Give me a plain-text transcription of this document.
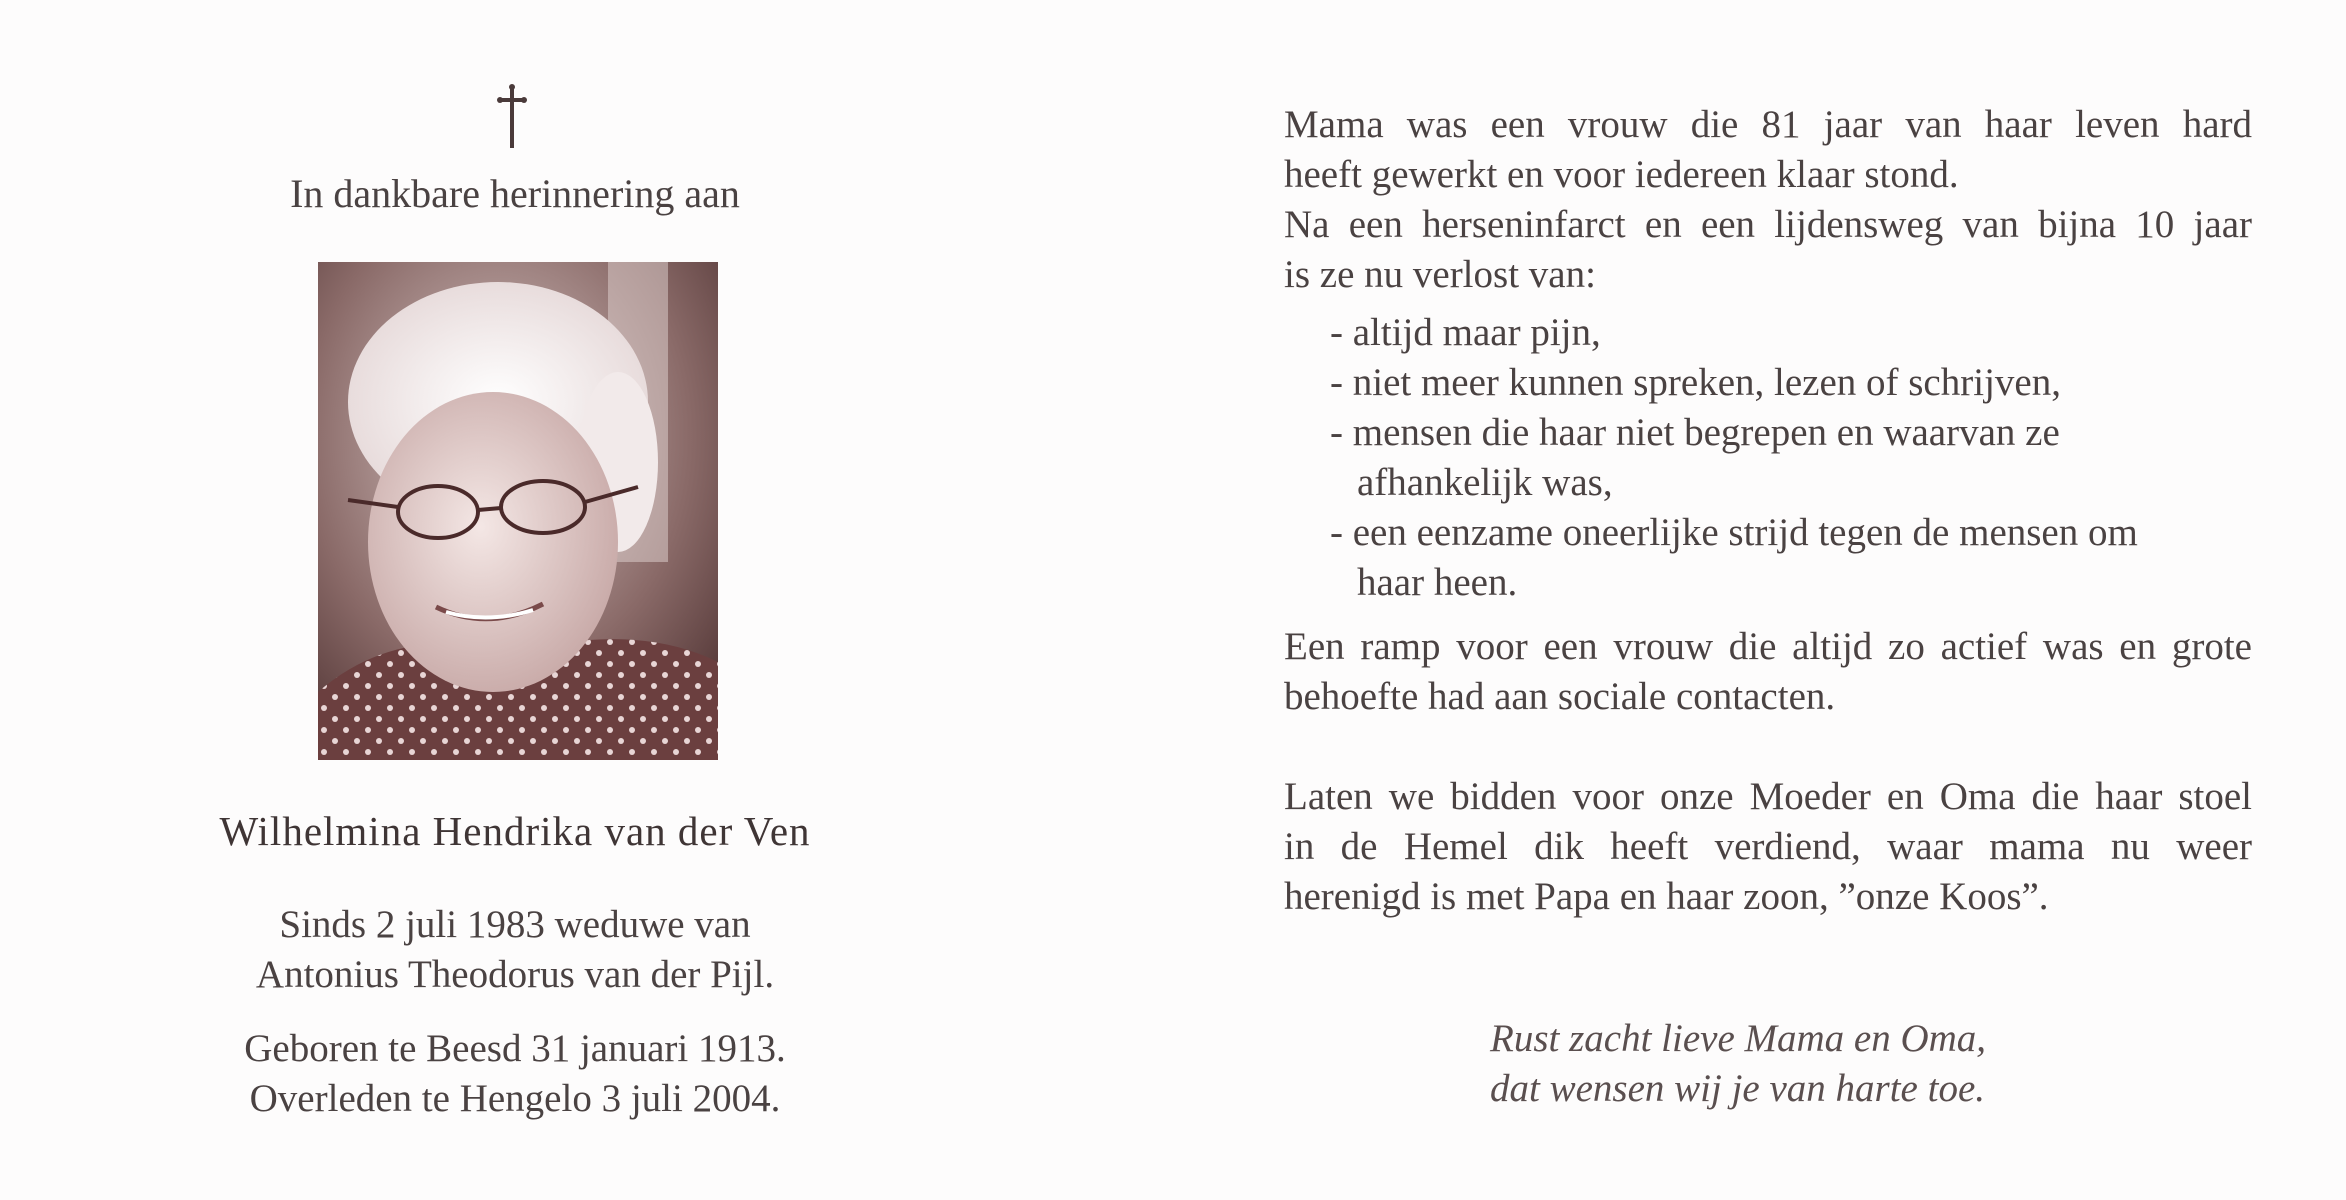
In dankbare herinnering aan
Wilhelmina Hendrika van der Ven
Sinds 2 juli 1983 weduwe van
Antonius Theodorus van der Pijl.
Geboren te Beesd 31 januari 1913.
Overleden te Hengelo 3 juli 2004.
Mama was een vrouw die 81 jaar van haar leven hard
heeft gewerkt en voor iedereen klaar stond.
Na een herseninfarct en een lijdensweg van bijna 10 jaar
is ze nu verlost van:
- altijd maar pijn,
- niet meer kunnen spreken, lezen of schrijven,
- mensen die haar niet begrepen en waarvan ze
afhankelijk was,
- een eenzame oneerlijke strijd tegen de mensen om
haar heen.
Een ramp voor een vrouw die altijd zo actief was en grote
behoefte had aan sociale contacten.
Laten we bidden voor onze Moeder en Oma die haar stoel
in de Hemel dik heeft verdiend, waar mama nu weer
herenigd is met Papa en haar zoon, ”onze Koos”.
Rust zacht lieve Mama en Oma,
dat wensen wij je van harte toe.
